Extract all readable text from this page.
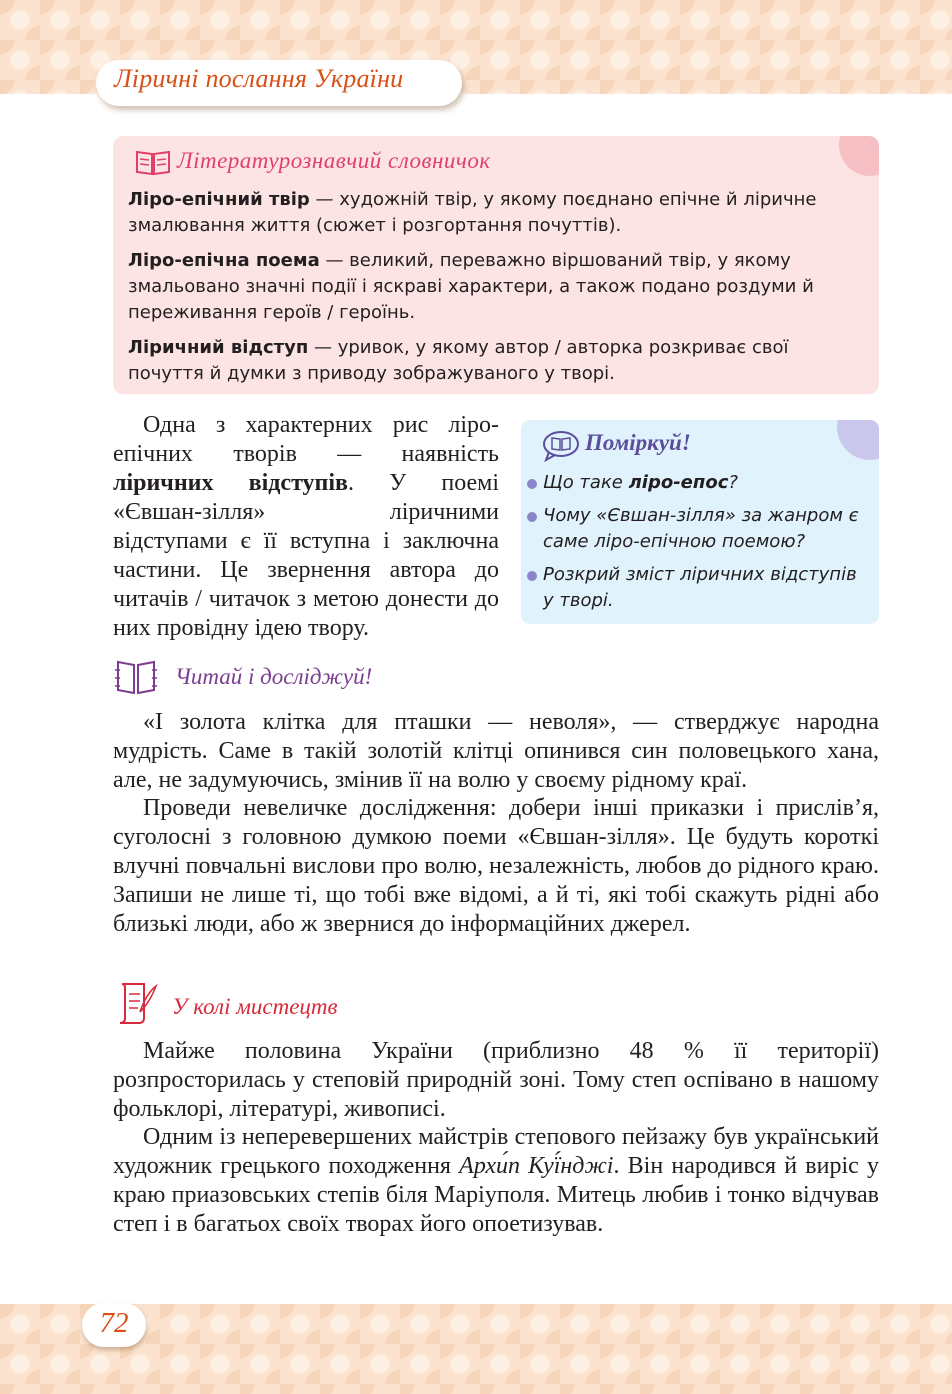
Ліричні послання України
Літературознавчий словничок
Ліро-епічний твір — художній твір, у якому поєднано епічне й ліричне змалювання життя (сюжет і розгортання почуттів).
Ліро-епічна поема — великий, переважно віршований твір, у якому змальовано значні події і яскраві характери, а також подано роздуми й переживання героїв / героїнь.
Ліричний відступ — уривок, у якому автор / авторка розкриває свої почуття й думки з приводу зображуваного у творі.

Одна з характерних рис ліро-епічних творів — наявність ліричних відступів. У поемі «Євшан-зілля» ліричними відступами є її вступна і заключна частини. Це звернення автора до читачів / читачок з метою донести до них провідну ідею твору.

Поміркуй!
Що таке ліро-епос?
Чому «Євшан-зілля» за жанром є саме ліро-епічною поемою?
Розкрий зміст ліричних відступів у творі.
Читай і досліджуй!

«І золота клітка для пташки — неволя», — стверджує народна мудрість. Саме в такій золотій клітці опинився син половецького хана, але, не задумуючись, змінив її на волю у своєму рідному краї.

Проведи невеличке дослідження: добери інші приказки і прислів’я, суголосні з головною думкою поеми «Євшан-зілля». Це будуть короткі влучні повчальні вислови про волю, незалежність, любов до рідного краю. Запиши не лише ті, що тобі вже відомі, а й ті, які тобі скажуть рідні або близькі люди, або ж звернися до інформаційних джерел.

У колі мистецтв

Майже половина України (приблизно 48 % її території) розпросторилась у степовій природній зоні. Тому степ оспівано в нашому фольклорі, літературі, живописі.

Одним із неперевершених майстрів степового пейзажу був український художник грецького походження Архи́п Куї́нджі. Він народився й виріс у краю приазовських степів біля Маріуполя. Митець любив і тонко відчував степ і в багатьох своїх творах його опоетизував.

72
